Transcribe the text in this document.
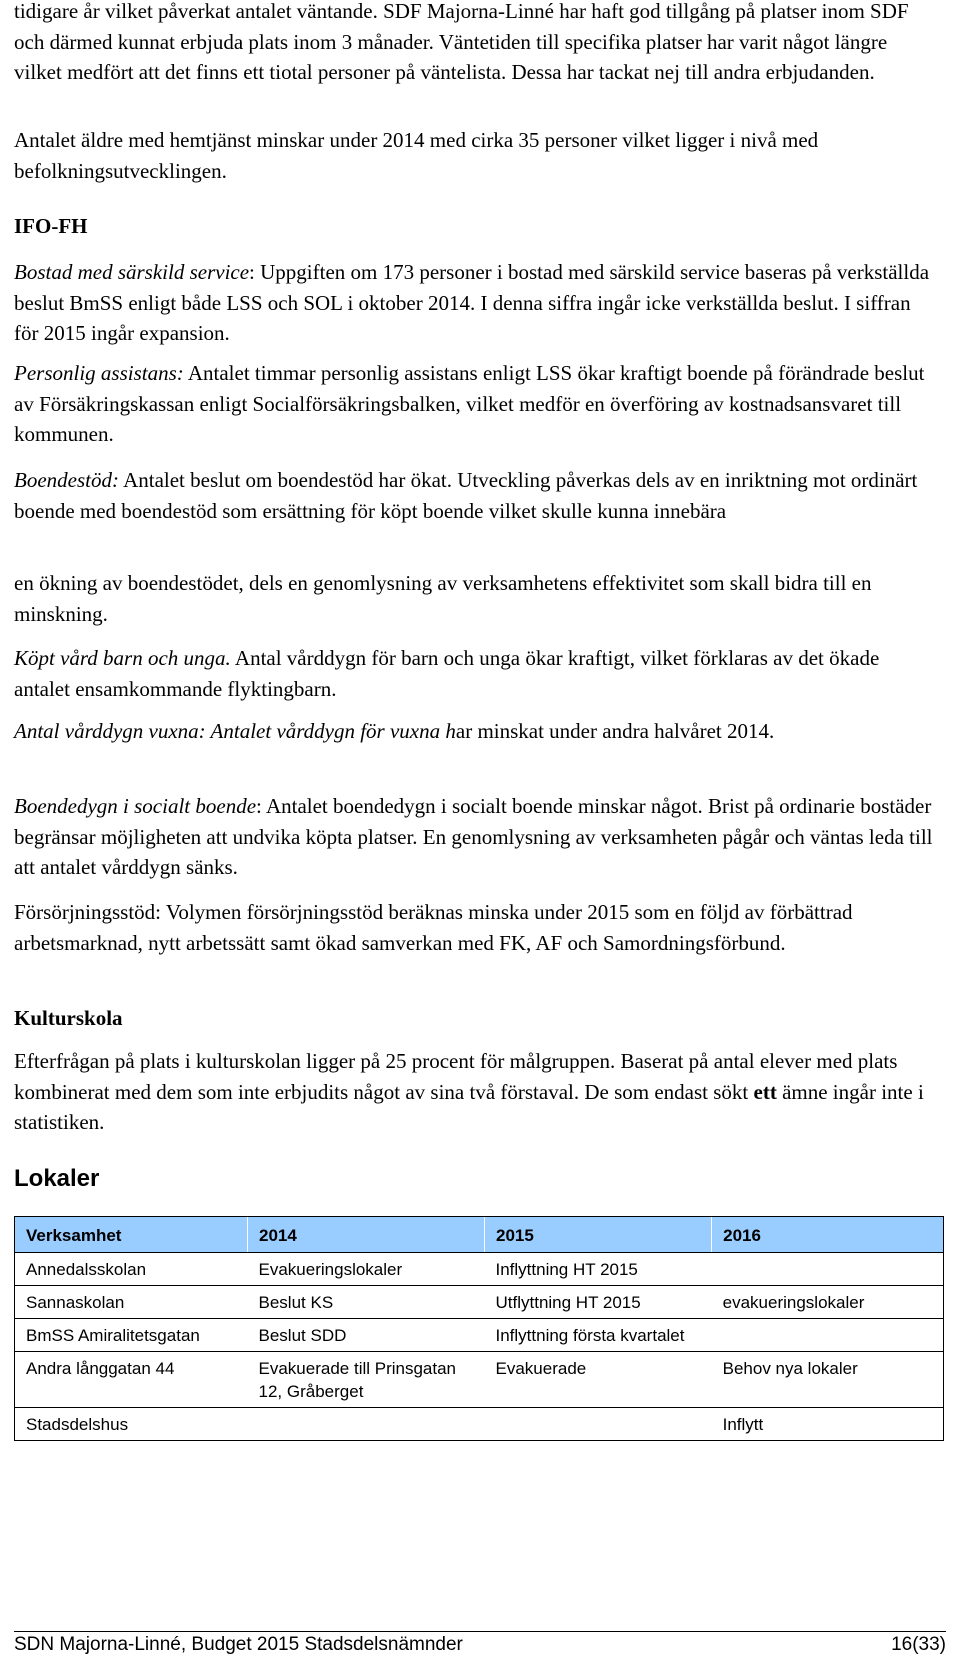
tidigare år vilket påverkat antalet väntande. SDF Majorna-Linné har haft god tillgång på platser inom SDF och därmed kunnat erbjuda plats inom 3 månader. Väntetiden till specifika platser har varit något längre vilket medfört att det finns ett tiotal personer på väntelista. Dessa har tackat nej till andra erbjudanden.

Antalet äldre med hemtjänst minskar under 2014 med cirka 35 personer vilket ligger i nivå med befolkningsutvecklingen.

IFO-FH

Bostad med särskild service: Uppgiften om 173 personer i bostad med särskild service baseras på verkställda beslut BmSS enligt både LSS och SOL i oktober 2014. I denna siffra ingår icke verkställda beslut. I siffran för 2015 ingår expansion.

Personlig assistans: Antalet timmar personlig assistans enligt LSS ökar kraftigt boende på förändrade beslut av Försäkringskassan enligt Socialförsäkringsbalken, vilket medför en överföring av kostnadsansvaret till kommunen.

Boendestöd: Antalet beslut om boendestöd har ökat. Utveckling påverkas dels av en inriktning mot ordinärt boende med boendestöd som ersättning för köpt boende vilket skulle kunna innebära

en ökning av boendestödet, dels en genomlysning av verksamhetens effektivitet som skall bidra till en minskning.

Köpt vård barn och unga. Antal vårddygn för barn och unga ökar kraftigt, vilket förklaras av det ökade antalet ensamkommande flyktingbarn.

Antal vårddygn vuxna: Antalet vårddygn för vuxna har minskat under andra halvåret 2014.

Boendedygn i socialt boende: Antalet boendedygn i socialt boende minskar något. Brist på ordinarie bostäder begränsar möjligheten att undvika köpta platser. En genomlysning av verksamheten pågår och väntas leda till att antalet vårddygn sänks.

Försörjningsstöd: Volymen försörjningsstöd beräknas minska under 2015 som en följd av förbättrad arbetsmarknad, nytt arbetssätt samt ökad samverkan med FK, AF och Samordningsförbund.

Kulturskola

Efterfrågan på plats i kulturskolan ligger på 25 procent för målgruppen. Baserat på antal elever med plats kombinerat med dem som inte erbjudits något av sina två förstaval. De som endast sökt ett ämne ingår inte i statistiken.

Lokaler
Verksamhet	2014	2015	2016
Annedalsskolan	Evakueringslokaler	Inflyttning HT 2015	
Sannaskolan	Beslut KS	Utflyttning HT 2015	evakueringslokaler
BmSS Amiralitetsgatan	Beslut SDD	Inflyttning första kvartalet	
Andra långgatan 44	Evakuerade till Prinsgatan 12, Gråberget	Evakuerade	Behov nya lokaler
Stadsdelshus			Inflytt
SDN Majorna-Linné, Budget 2015 Stadsdelsnämnder	16(33)
